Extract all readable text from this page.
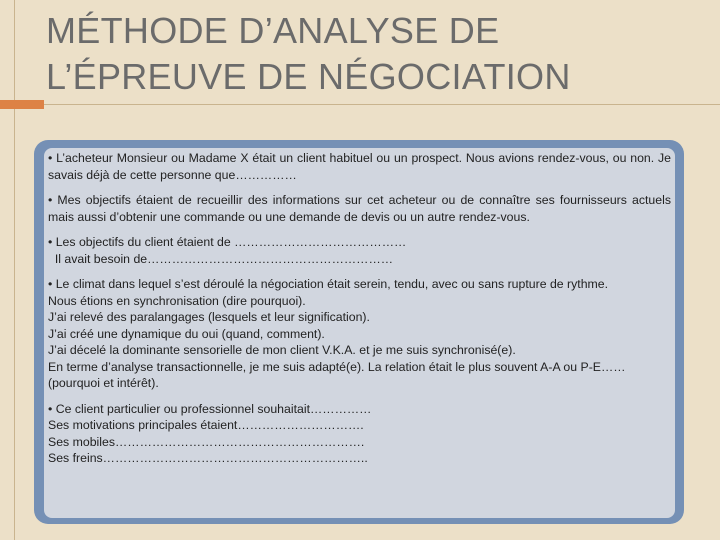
MÉTHODE D’ANALYSE DE
L’ÉPREUVE DE NÉGOCIATION

• L’acheteur Monsieur ou Madame X était un client habituel ou un prospect. Nous avions rendez-vous, ou non. Je savais déjà de cette personne que……………

• Mes objectifs étaient de recueillir des informations sur cet acheteur ou de connaître ses fournisseurs actuels mais aussi d’obtenir une commande ou une demande de devis ou un autre rendez-vous.

• Les objectifs du client étaient de ……………………………………

Il avait besoin de……………………………………………………

• Le climat dans lequel s’est déroulé la négociation était serein, tendu, avec ou sans rupture de rythme.

Nous étions en synchronisation (dire pourquoi).

J’ai relevé des paralangages (lesquels et leur signification).

J’ai créé une dynamique du oui (quand, comment).

J’ai décelé la dominante sensorielle de mon client V.K.A. et je me suis synchronisé(e).

En terme d’analyse transactionnelle, je me suis adapté(e). La relation était le plus souvent A-A ou P-E…… (pourquoi et intérêt).

• Ce client particulier ou professionnel souhaitait……………

Ses motivations principales étaient………………………….

Ses mobiles…………………………………………………….

Ses freins………………………………………………………..
